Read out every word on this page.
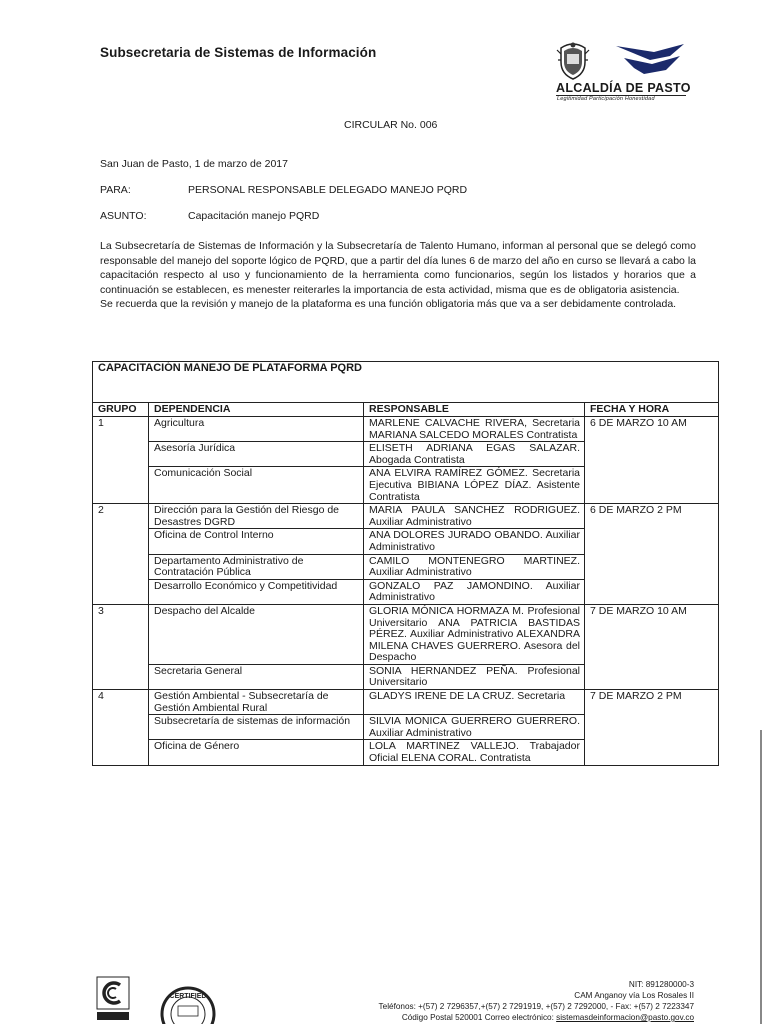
Subsecretaria de Sistemas de Información
ALCALDÍA DE PASTO
Legitimidad Participación Honestidad
CIRCULAR No. 006
San Juan de Pasto, 1 de marzo de 2017
PARA:	PERSONAL RESPONSABLE DELEGADO MANEJO PQRD
ASUNTO:	Capacitación manejo PQRD

La Subsecretaría de Sistemas de Información y la Subsecretaría de Talento Humano, informan al personal que se delegó como responsable del manejo del soporte lógico de PQRD, que a partir del día lunes 6 de marzo del año en curso se llevará a cabo la capacitación respecto al uso y funcionamiento de la herramienta como funcionarios, según los listados y horarios que a continuación se establecen, es menester reiterarles la importancia de esta actividad, misma que es de obligatoria asistencia.

Se recuerda que la revisión y manejo de la plataforma es una función obligatoria más que va a ser debidamente controlada.

CAPACITACIÓN MANEJO DE PLATAFORMA PQRD			
GRUPO	DEPENDENCIA	RESPONSABLE	FECHA Y HORA
1	Agricultura	MARLENE CALVACHE RIVERA, Secretaria MARIANA SALCEDO MORALES Contratista	6 DE MARZO 10 AM
	Asesoría Jurídica	ELISETH ADRIANA EGAS SALAZAR. Abogada Contratista	
	Comunicación Social	ANA ELVIRA RAMÍREZ GÓMEZ. Secretaria Ejecutiva BIBIANA LÓPEZ DÍAZ. Asistente Contratista	
2	Dirección para la Gestión del Riesgo de Desastres DGRD	MARIA PAULA SANCHEZ RODRIGUEZ. Auxiliar Administrativo	6 DE MARZO 2 PM
	Oficina de Control Interno	ANA DOLORES JURADO OBANDO. Auxiliar Administrativo	
	Departamento Administrativo de Contratación Pública	CAMILO MONTENEGRO MARTINEZ. Auxiliar Administrativo	
	Desarrollo Económico y Competitividad	GONZALO PAZ JAMONDINO. Auxiliar Administrativo	
3	Despacho del Alcalde	GLORIA MÓNICA HORMAZA M. Profesional Universitario ANA PATRICIA BASTIDAS PÉREZ. Auxiliar Administrativo ALEXANDRA MILENA CHAVES GUERRERO. Asesora del Despacho	7 DE MARZO 10 AM
	Secretaria General	SONIA HERNANDEZ PEÑA. Profesional Universitario	
4	Gestión Ambiental - Subsecretaría de Gestión Ambiental Rural	GLADYS IRENE DE LA CRUZ. Secretaria	7 DE MARZO 2 PM
	Subsecretaría de sistemas de información	SILVIA MONICA GUERRERO GUERRERO. Auxiliar Administrativo	
	Oficina de Género	LOLA MARTINEZ VALLEJO. Trabajador Oficial ELENA CORAL. Contratista	
CERTIFIED
NIT: 891280000-3
CAM Anganoy vía Los Rosales II
Teléfonos: +(57) 2 7296357,+(57) 2 7291919, +(57) 2 7292000, - Fax: +(57) 2 7223347
Código Postal 520001 Correo electrónico: sistemasdeinformacion@pasto.gov.co
